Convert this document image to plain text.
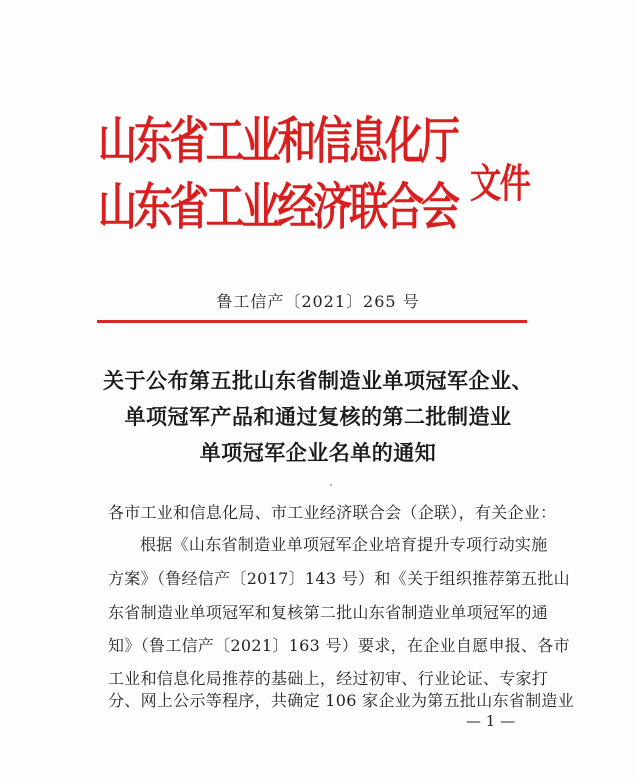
山东省工业和信息化厅
山东省工业经济联合会 文件
鲁工信产〔2021〕265 号
关于公布第五批山东省制造业单项冠军企业、
单项冠军产品和通过复核的第二批制造业
单项冠军企业名单的通知
各市工业和信息化局、市工业经济联合会（企联），有关企业：
根据《山东省制造业单项冠军企业培育提升专项行动实施
方案》（鲁经信产〔2017〕143 号）和《关于组织推荐第五批山
东省制造业单项冠军和复核第二批山东省制造业单项冠军的通
知》（鲁工信产〔2021〕163 号）要求，在企业自愿申报、各市
工业和信息化局推荐的基础上，经过初审、行业论证、专家打
分、网上公示等程序，共确定 106 家企业为第五批山东省制造业
— 1 —
